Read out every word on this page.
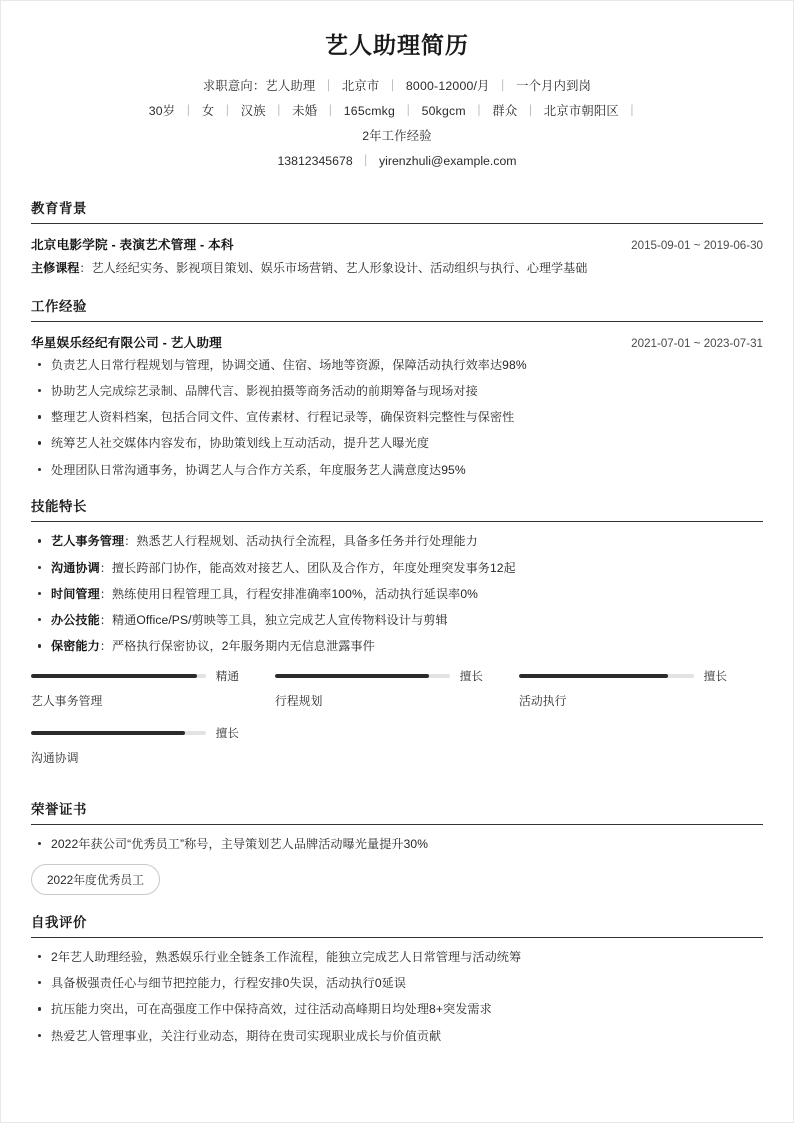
艺人助理简历
求职意向：艺人助理 丨 北京市 丨 8000-12000/月 丨 一个月内到岗
30岁 丨 女 丨 汉族 丨 未婚 丨 165cmkg 丨 50kgcm 丨 群众 丨 北京市朝阳区 丨
2年工作经验
13812345678 丨 yirenzhuli@example.com
教育背景
北京电影学院 - 表演艺术管理 - 本科	2015-09-01 ~ 2019-06-30
主修课程：艺人经纪实务、影视项目策划、娱乐市场营销、艺人形象设计、活动组织与执行、心理学基础
工作经验
华星娱乐经纪有限公司 - 艺人助理	2021-07-01 ~ 2023-07-31
负责艺人日常行程规划与管理，协调交通、住宿、场地等资源，保障活动执行效率达98%
协助艺人完成综艺录制、品牌代言、影视拍摄等商务活动的前期筹备与现场对接
整理艺人资料档案，包括合同文件、宣传素材、行程记录等，确保资料完整性与保密性
统筹艺人社交媒体内容发布，协助策划线上互动活动，提升艺人曝光度
处理团队日常沟通事务，协调艺人与合作方关系，年度服务艺人满意度达95%
技能特长
艺人事务管理：熟悉艺人行程规划、活动执行全流程，具备多任务并行处理能力
沟通协调：擅长跨部门协作，能高效对接艺人、团队及合作方，年度处理突发事务12起
时间管理：熟练使用日程管理工具，行程安排准确率100%，活动执行延误率0%
办公技能：精通Office/PS/剪映等工具，独立完成艺人宣传物料设计与剪辑
保密能力：严格执行保密协议，2年服务期内无信息泄露事件
精通
艺人事务管理
擅长
行程规划
擅长
活动执行
擅长
沟通协调
荣誉证书
2022年获公司“优秀员工”称号，主导策划艺人品牌活动曝光量提升30%
2022年度优秀员工
自我评价
2年艺人助理经验，熟悉娱乐行业全链条工作流程，能独立完成艺人日常管理与活动统筹
具备极强责任心与细节把控能力，行程安排0失误，活动执行0延误
抗压能力突出，可在高强度工作中保持高效，过往活动高峰期日均处理8+突发需求
热爱艺人管理事业，关注行业动态，期待在贵司实现职业成长与价值贡献
